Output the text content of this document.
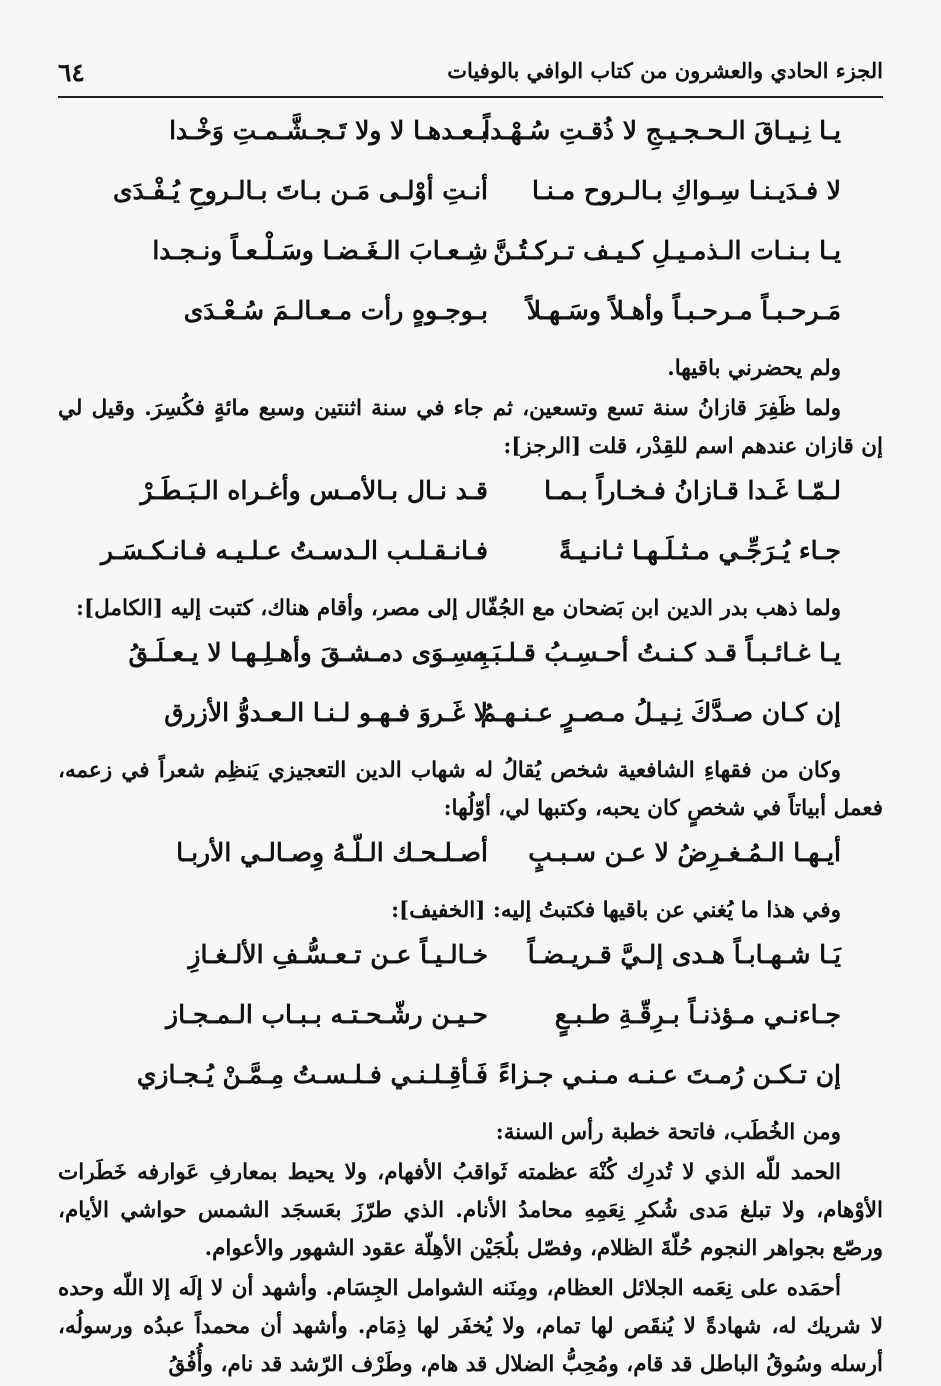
٦٤	الجزء الحادي والعشرون من كتاب الوافي بالوفيات
يـا نِـيـاقَ الـحـجـيـجِ لا ذُقـتِ سُـهْـداً
بـعـدهـا لا ولا تَـجـشَّـمـتِ وَخْـدا
لا فـدَيـنـا سِـواكِ بـالـروح مـنـا
أنـتِ أوْلـى مَـن بـاتَ بـالـروحِ يُـفْـدَى
يـا بـنـات الـذمـيـلِ كـيـف تـركـتُـنَّ
شِـعـابَ الـغَـضـا وسَـلْـعـاً ونـجـدا
مَـرحـبـاً مـرحـبـاً وأهـلاً وسَـهـلاً
بـوجـوهٍ رأت مـعـالـمَ سُـعْـدَى
ولم يحضرني باقيها.
ولما ظَفِرَ قازانُ سنة تسع وتسعين، ثم جاء في سنة اثنتين وسبع مائةٍ فكُسِرَ. وقيل لي إن قازان عندهم اسم للقِدْر، قلت [الرجز]:
لـمّـا غَـدا قـازانُ فـخـاراً بـمـا
قـد نـال بـالأمـس وأغـراه الـبَـطَـرْ
جـاء يُـرَجِّـي مـثـلَـهـا ثـانـيـةً
فـانـقـلـب الـدسـتُ عـلـيـه فـانـكـسَـر
ولما ذهب بدر الدين ابن بَضحان مع الجُفّال إلى مصر، وأقام هناك، كتبت إليه [الكامل]:
يـا غـائـبـاً قـد كـنـتُ أحـسِـبُ قـلـبَـه
بِـسِـوَى دمـشـقَ وأهـلِـهـا لا يـعـلَـقُ
إن كـان صـدَّكَ نِـيـلُ مـصـرٍ عـنـهـمُ
لا غَـروَ فـهـو لـنـا الـعـدوُّ الأزرق
وكان من فقهاءِ الشافعية شخص يُقالُ له شهاب الدين التعجيزي يَنظِم شعراً في زعمه، فعمل أبياتاً في شخصٍ كان يحبه، وكتبها لي، أوّلُها:
أيـهـا الـمُـغـرِضُ لا عـن سـبـبٍ
أصـلـحـك الـلّـهُ وِصـالـي الأربـا
وفي هذا ما يُغني عن باقيها فكتبتُ إليه: [الخفيف]:
يَـا شـهـابـاً هـدى إلـيَّ قـريـضـاً
خـالـيـاً عـن تـعـسُّـفِ الألـغـازِ
جـاءنـي مـؤذنـاً بـرِقّـةِ طـبـعٍ
حـيـن رشّـحـتـه بـبـاب الـمـجـاز
إن تـكـن رُمـتَ عـنـه مـنـي جـزاءً
فَـأقِـلـنـي فـلـسـتُ مِـمَّـنْ يُـجـازي
ومن الخُطَب، فاتحة خطبة رأس السنة:
الحمد للّه الذي لا تُدرِك كُنْهَ عظمته ثَواقبُ الأفهام، ولا يحيط بمعارفِ عَوارفه خَطَرات الأوْهام، ولا تبلغ مَدى شُكرِ نِعَمِهِ محامدُ الأنام. الذي طرّزَ بعَسجَد الشمس حواشي الأيام، ورصّع بجواهر النجوم حُلّةَ الظلام، وفصّل بلُجَيْن الأهِلّة عقود الشهور والأعوام.
أحمَده على نِعَمه الجلائل العظام، ومِنَنه الشوامل الجِسَام. وأشهد أن لا إلَه إلا اللّه وحده لا شريك له، شهادةً لا يُنقَص لها تمام، ولا يُخفَر لها ذِمَام. وأشهد أن محمداً عبدُه ورسولُه، أرسله وسُوقُ الباطل قد قام، ومُحِبُّ الضلال قد هام، وطَرْف الرّشد قد نام، وأُفُقُ
